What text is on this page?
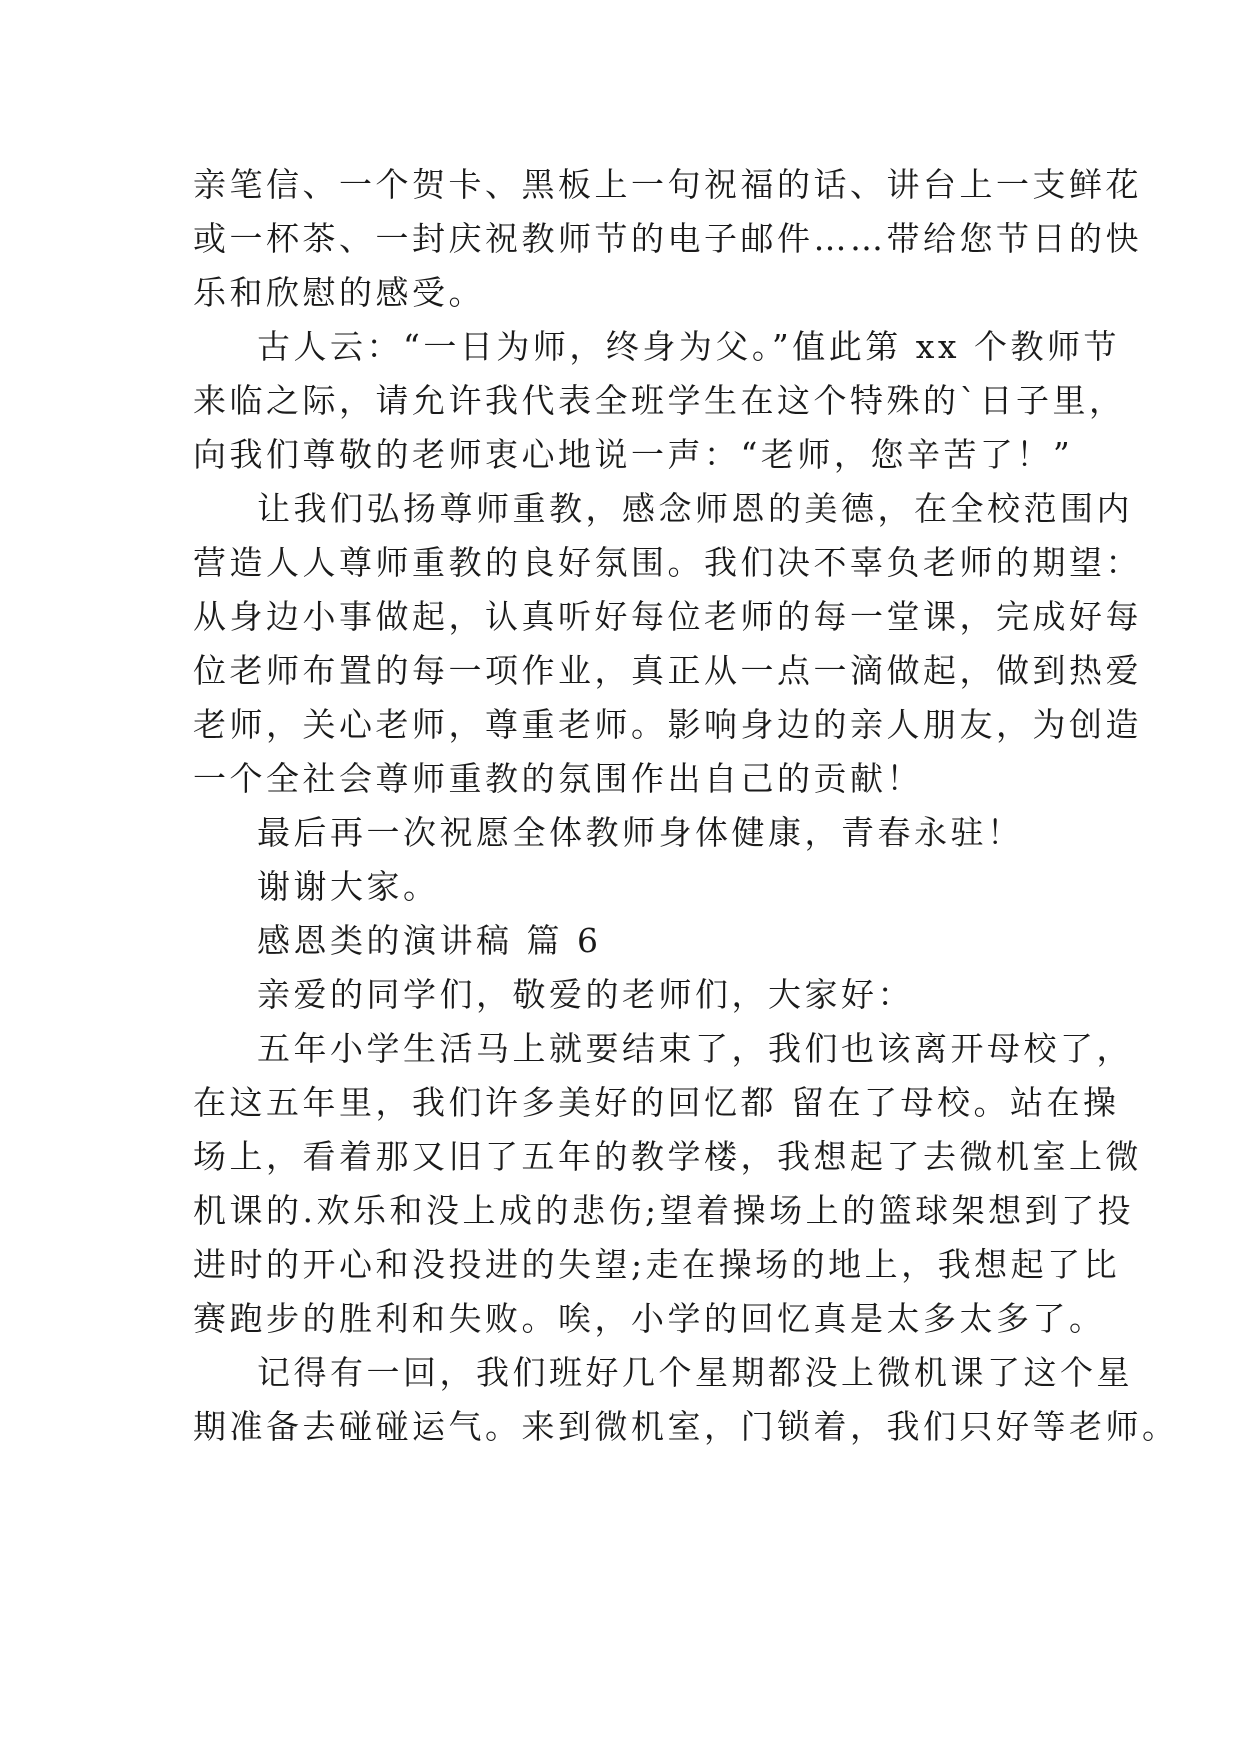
亲笔信、一个贺卡、黑板上一句祝福的话、讲台上一支鲜花
或一杯茶、一封庆祝教师节的电子邮件……带给您节日的快
乐和欣慰的感受。
古人云：“一日为师，终身为父。”值此第 xx 个教师节
来临之际，请允许我代表全班学生在这个特殊的`日子里，
向我们尊敬的老师衷心地说一声：“老师，您辛苦了！”
让我们弘扬尊师重教，感念师恩的美德，在全校范围内
营造人人尊师重教的良好氛围。我们决不辜负老师的期望：
从身边小事做起，认真听好每位老师的每一堂课，完成好每
位老师布置的每一项作业，真正从一点一滴做起，做到热爱
老师，关心老师，尊重老师。影响身边的亲人朋友，为创造
一个全社会尊师重教的氛围作出自己的贡献！
最后再一次祝愿全体教师身体健康，青春永驻！
谢谢大家。
感恩类的演讲稿 篇 6
亲爱的同学们，敬爱的老师们，大家好：
五年小学生活马上就要结束了，我们也该离开母校了，
在这五年里，我们许多美好的回忆都 留在了母校。站在操
场上，看着那又旧了五年的教学楼，我想起了去微机室上微
机课的.欢乐和没上成的悲伤;望着操场上的篮球架想到了投
进时的开心和没投进的失望;走在操场的地上，我想起了比
赛跑步的胜利和失败。唉，小学的回忆真是太多太多了。
记得有一回，我们班好几个星期都没上微机课了这个星
期准备去碰碰运气。来到微机室，门锁着，我们只好等老师。
